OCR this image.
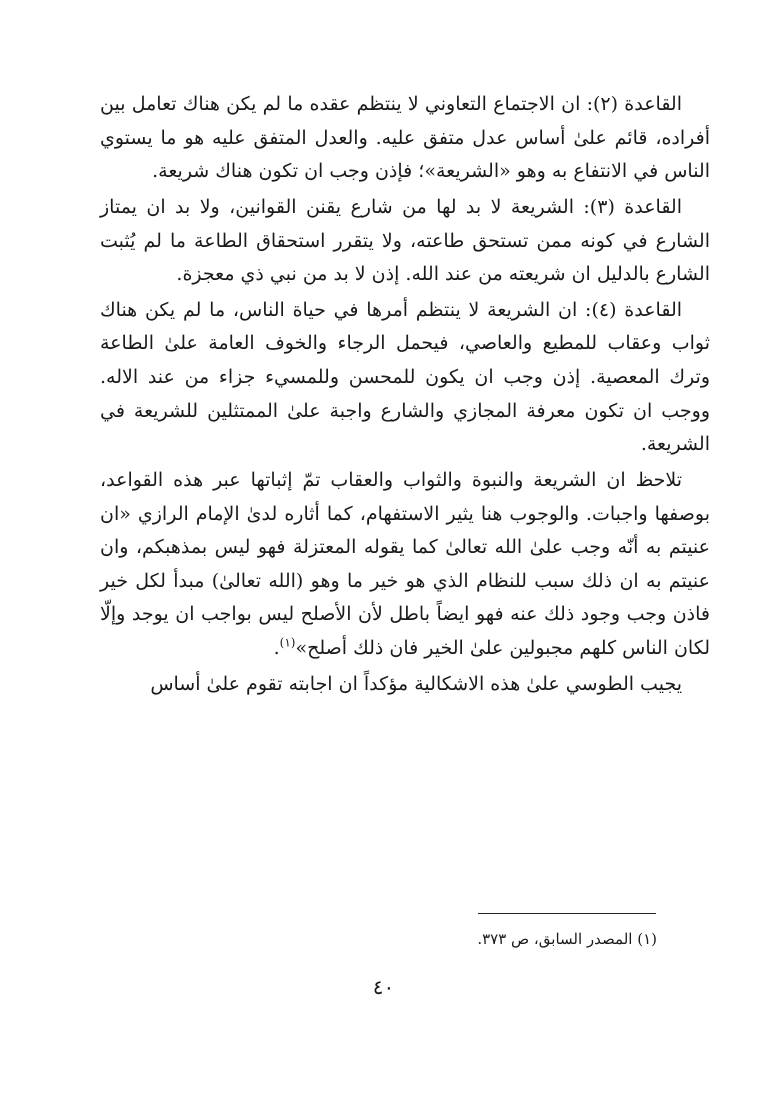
القاعدة (٢): ان الاجتماع التعاوني لا ينتظم عقده ما لم يكن هناك تعامل بين أفراده، قائم علىٰ أساس عدل متفق عليه. والعدل المتفق عليه هو ما يستوي الناس في الانتفاع به وهو «الشريعة»؛ فإذن وجب ان تكون هناك شريعة.

القاعدة (٣): الشريعة لا بد لها من شارع يقنن القوانين، ولا بد ان يمتاز الشارع في كونه ممن تستحق طاعته، ولا يتقرر استحقاق الطاعة ما لم يُثبت الشارع بالدليل ان شريعته من عند الله. إذن لا بد من نبي ذي معجزة.

القاعدة (٤): ان الشريعة لا ينتظم أمرها في حياة الناس، ما لم يكن هناك ثواب وعقاب للمطيع والعاصي، فيحمل الرجاء والخوف العامة علىٰ الطاعة وترك المعصية. إذن وجب ان يكون للمحسن وللمسيء جزاء من عند الاله. ووجب ان تكون معرفة المجازي والشارع واجبة علىٰ الممتثلين للشريعة في الشريعة.

تلاحظ ان الشريعة والنبوة والثواب والعقاب تمّ إثباتها عبر هذه القواعد، بوصفها واجبات. والوجوب هنا يثير الاستفهام، كما أثاره لدىٰ الإمام الرازي «ان عنيتم به أنّه وجب علىٰ الله تعالىٰ كما يقوله المعتزلة فهو ليس بمذهبكم، وان عنيتم به ان ذلك سبب للنظام الذي هو خير ما وهو (الله تعالىٰ) مبدأ لكل خير فاذن وجب وجود ذلك عنه فهو ايضاً باطل لأن الأصلح ليس بواجب ان يوجد وإلّا لكان الناس كلهم مجبولين علىٰ الخير فان ذلك أصلح»$^{(١)}$.

يجيب الطوسي علىٰ هذه الاشكالية مؤكداً ان اجابته تقوم علىٰ أساس

(١) المصدر السابق، ص ٣٧٣.

٤٠
